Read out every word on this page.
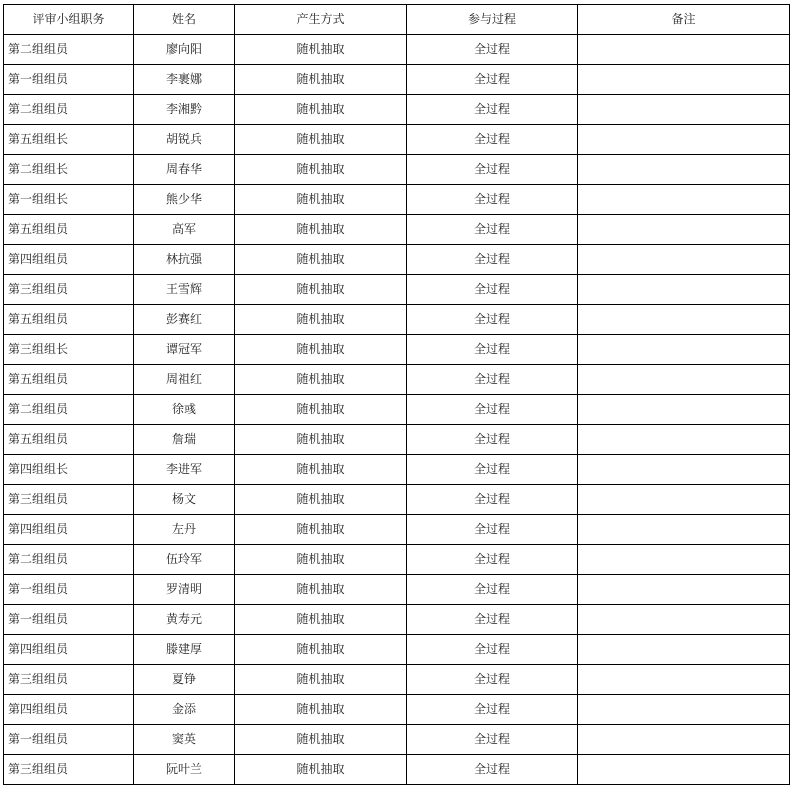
评审小组职务	姓名	产生方式	参与过程	备注
第二组组员	廖向阳	随机抽取	全过程	
第一组组员	李裹娜	随机抽取	全过程	
第二组组员	李湘黔	随机抽取	全过程	
第五组组长	胡锐兵	随机抽取	全过程	
第二组组长	周春华	随机抽取	全过程	
第一组组长	熊少华	随机抽取	全过程	
第五组组员	高军	随机抽取	全过程	
第四组组员	林抗强	随机抽取	全过程	
第三组组员	王雪辉	随机抽取	全过程	
第五组组员	彭赛红	随机抽取	全过程	
第三组组长	谭冠军	随机抽取	全过程	
第五组组员	周祖红	随机抽取	全过程	
第二组组员	徐彧	随机抽取	全过程	
第五组组员	詹瑞	随机抽取	全过程	
第四组组长	李进军	随机抽取	全过程	
第三组组员	杨文	随机抽取	全过程	
第四组组员	左丹	随机抽取	全过程	
第二组组员	伍玲军	随机抽取	全过程	
第一组组员	罗清明	随机抽取	全过程	
第一组组员	黄寿元	随机抽取	全过程	
第四组组员	滕建厚	随机抽取	全过程	
第三组组员	夏铮	随机抽取	全过程	
第四组组员	金添	随机抽取	全过程	
第一组组员	窦英	随机抽取	全过程	
第三组组员	阮叶兰	随机抽取	全过程	
